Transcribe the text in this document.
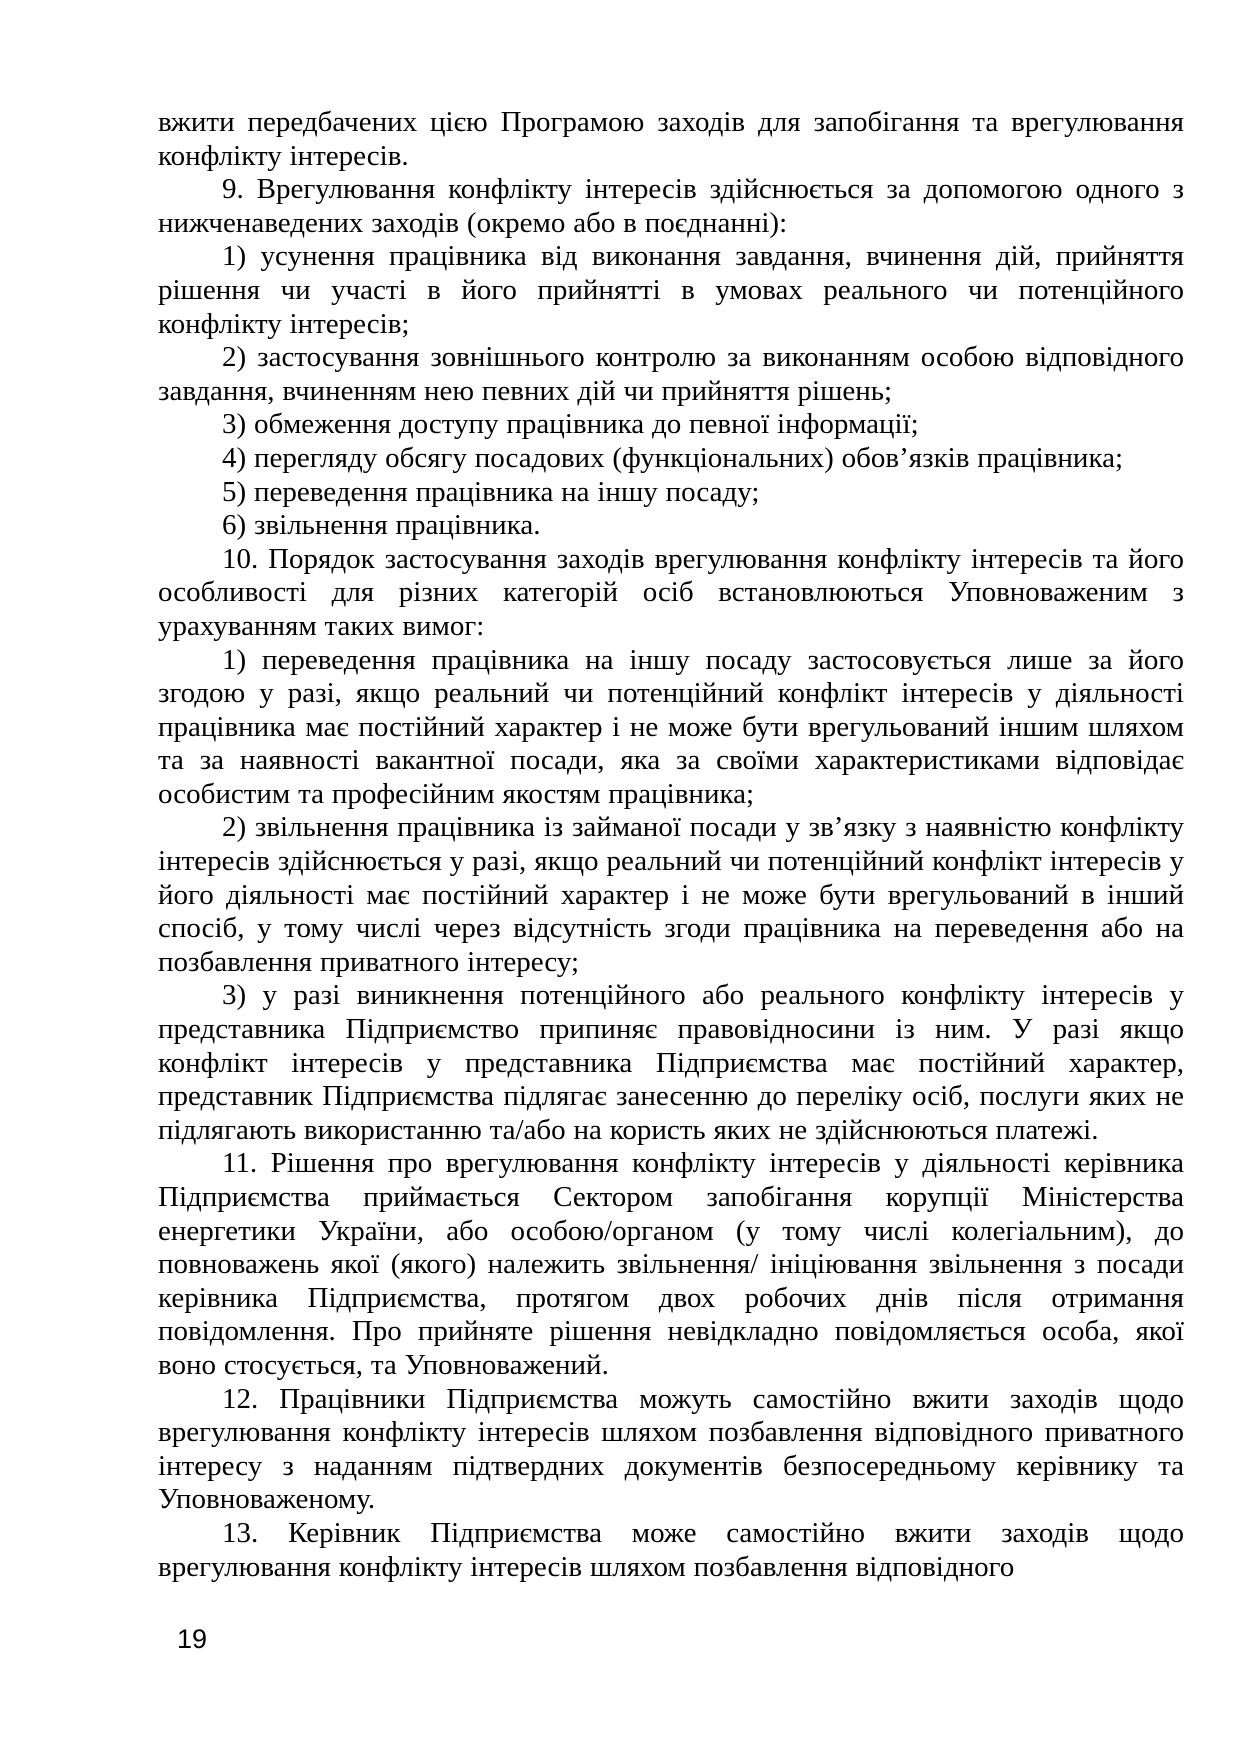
вжити передбачених цією Програмою заходів для запобігання та врегулювання конфлікту інтересів.

9. Врегулювання конфлікту інтересів здійснюється за допомогою одного з нижченаведених заходів (окремо або в поєднанні):

1) усунення працівника від виконання завдання, вчинення дій, прийняття рішення чи участі в його прийнятті в умовах реального чи потенційного конфлікту інтересів;

2) застосування зовнішнього контролю за виконанням особою відповідного завдання, вчиненням нею певних дій чи прийняття рішень;

3) обмеження доступу працівника до певної інформації;

4) перегляду обсягу посадових (функціональних) обов’язків працівника;

5) переведення працівника на іншу посаду;

6) звільнення працівника.

10. Порядок застосування заходів врегулювання конфлікту інтересів та його особливості для різних категорій осіб встановлюються Уповноваженим з урахуванням таких вимог:

1) переведення працівника на іншу посаду застосовується лише за його згодою у разі, якщо реальний чи потенційний конфлікт інтересів у діяльності працівника має постійний характер і не може бути врегульований іншим шляхом та за наявності вакантної посади, яка за своїми характеристиками відповідає особистим та професійним якостям працівника;

2) звільнення працівника із займаної посади у зв’язку з наявністю конфлікту інтересів здійснюється у разі, якщо реальний чи потенційний конфлікт інтересів у його діяльності має постійний характер і не може бути врегульований в інший спосіб, у тому числі через відсутність згоди працівника на переведення або на позбавлення приватного інтересу;

3) у разі виникнення потенційного або реального конфлікту інтересів у представника Підприємство припиняє правовідносини із ним. У разі якщо конфлікт інтересів у представника Підприємства має постійний характер, представник Підприємства підлягає занесенню до переліку осіб, послуги яких не підлягають використанню та/або на користь яких не здійснюються платежі.

11. Рішення про врегулювання конфлікту інтересів у діяльності керівника Підприємства приймається Сектором запобігання корупції Міністерства енергетики України, або особою/органом (у тому числі колегіальним), до повноважень якої (якого) належить звільнення/ ініціювання звільнення з посади керівника Підприємства, протягом двох робочих днів після отримання повідомлення. Про прийняте рішення невідкладно повідомляється особа, якої воно стосується, та Уповноважений.

12. Працівники Підприємства можуть самостійно вжити заходів щодо врегулювання конфлікту інтересів шляхом позбавлення відповідного приватного інтересу з наданням підтвердних документів безпосередньому керівнику та Уповноваженому.

13. Керівник Підприємства може самостійно вжити заходів щодо врегулювання конфлікту інтересів шляхом позбавлення відповідного

19
